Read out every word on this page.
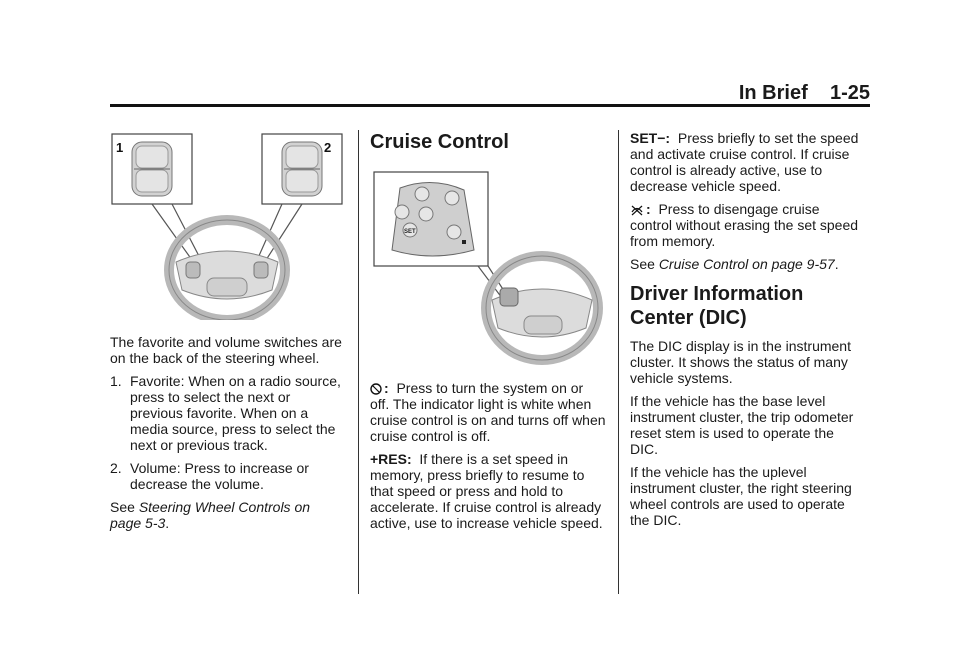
In Brief 1-25
1	2

The favorite and volume switches are on the back of the steering wheel.

1. Favorite: When on a radio source, press to select the next or previous favorite. When on a media source, press to select the next or previous track.
2. Volume: Press to increase or decrease the volume.

See Steering Wheel Controls on page 5-3.

Cruise Control
SET

: Press to turn the system on or off. The indicator light is white when cruise control is on and turns off when cruise control is off.

+RES: If there is a set speed in memory, press briefly to resume to that speed or press and hold to accelerate. If cruise control is already active, use to increase vehicle speed.

SET−: Press briefly to set the speed and activate cruise control. If cruise control is already active, use to decrease vehicle speed.

: Press to disengage cruise control without erasing the set speed from memory.

See Cruise Control on page 9-57.

Driver Information Center (DIC)

The DIC display is in the instrument cluster. It shows the status of many vehicle systems.

If the vehicle has the base level instrument cluster, the trip odometer reset stem is used to operate the DIC.

If the vehicle has the uplevel instrument cluster, the right steering wheel controls are used to operate the DIC.
